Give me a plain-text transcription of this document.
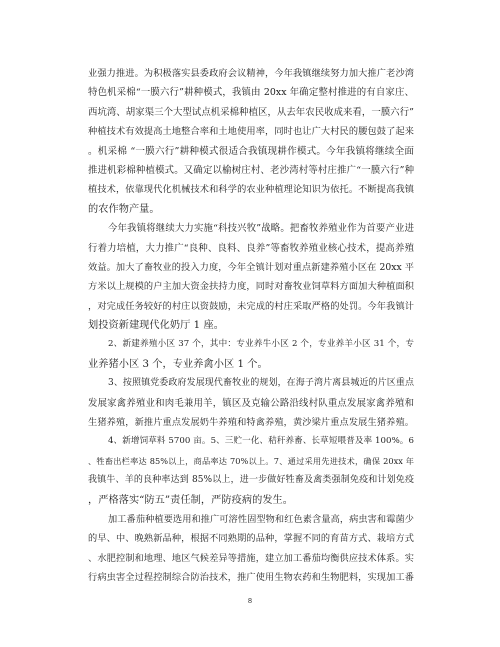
业强力推进。为积极落实县委政府会议精神，今年我镇继续努力加大推广老沙湾
特色机采棉“一膜六行”耕种模式，我镇由 20xx 年确定整村推进的有自家庄、
西坑湾、胡家渠三个大型试点机采棉种植区，从去年农民收成来看，一膜六行”
种植技术有效提高土地整合率和土地使用率，同时也让广大村民的腰包鼓了起来
。机采棉 “一膜六行”耕种模式很适合我镇现耕作模式。今年我镇将继续全面
推进机彩棉种植模式。又确定以榆树庄村、老沙湾村等村庄推广“一膜六行”种
植技术，依靠现代化机械技术和科学的农业种植理论知识为依托。不断提高我镇
的农作物产量。
今年我镇将继续大力实施“科技兴牧”战略。把畜牧养殖业作为首要产业进
行着力培植，大力推广“良种、良料、良养”等畜牧养殖业核心技术，提高养殖
效益。加大了畜牧业的投入力度，今年全镇计划对重点新建养殖小区在 20xx 平
方米以上规模的户主加大资金扶持力度，同时对畜牧业饲草料方面加大种植面积
，对完成任务较好的村庄以资鼓励，未完成的村庄采取严格的处罚。今年我镇计
划投资新建现代化奶厅 1 座。
2、新建养殖小区 37 个，其中：专业养牛小区 2 个，专业养羊小区 31 个，专
业养猪小区 3 个，专业养禽小区 1 个。
3、按照镇党委政府发展现代畜牧业的规划，在海子湾片离县城近的片区重点
发展家禽养殖业和肉毛兼用羊，镇区及克输公路沿线村队重点发展家禽养殖和
生猪养殖，新推片重点发展奶牛养殖和特禽养殖，黄沙梁片重点发展生猪养殖。
4、新增饲草料 5700 亩。5、三贮一化、秸秆养畜、长草短喂普及率 100%。6
、牲畜出栏率达 85%以上，商品率达 70%以上。7、通过采用先进技术，确保 20xx 年
我镇牛、羊的良种率达到 85%以上，进一步做好牲畜及禽类强制免疫和计划免疫
，严格落实“防五”责任制，严防疫病的发生。
加工番茄种植要选用和推广可溶性固型物和红色素含量高，病虫害和霉菌少
的早、中、晚熟新品种，根据不同熟期的品种，掌握不同的育苗方式、栽培方式
、水肥控制和地理、地区气候差异等措施，建立加工番茄均衡供应技术体系。实
行病虫害全过程控制综合防治技术，推广使用生物农药和生物肥料，实现加工番
8
